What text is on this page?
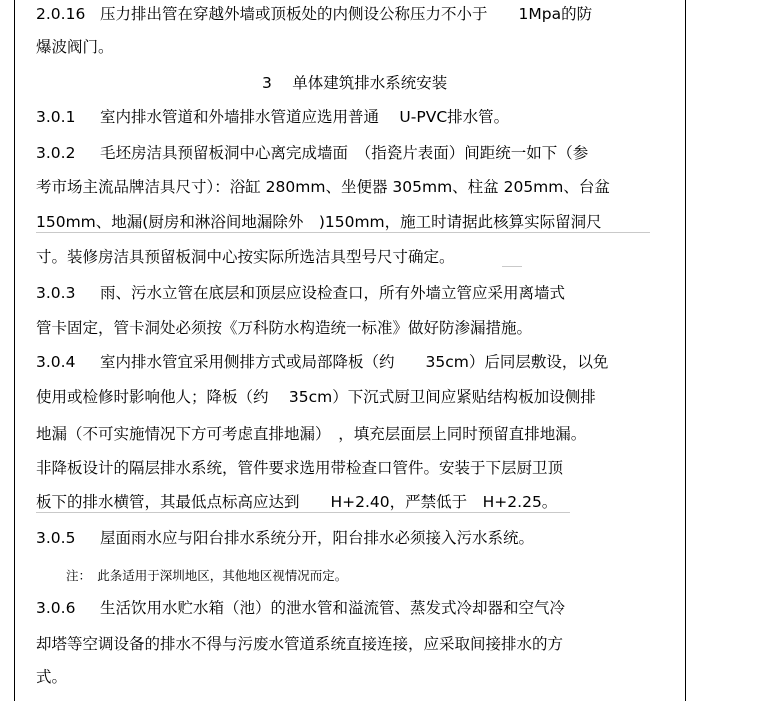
2.0.16 压力排出管在穿越外墙或顶板处的内侧设公称压力不小于　　1Mpa的防
爆波阀门。
3　 单体建筑排水系统安装
3.0.1 室内排水管道和外墙排水管道应选用普通　 U-PVC排水管。
3.0.2 毛坯房洁具预留板洞中心离完成墙面　（指瓷片表面）间距统一如下（参
考市场主流品牌洁具尺寸）：浴缸 280mm、坐便器 305mm、柱盆 205mm、台盆
150mm、地漏(厨房和淋浴间地漏除外　)150mm，施工时请据此核算实际留洞尺
寸。装修房洁具预留板洞中心按实际所选洁具型号尺寸确定。
3.0.3 雨、污水立管在底层和顶层应设检查口，所有外墙立管应采用离墙式
管卡固定，管卡洞处必须按《万科防水构造统一标准》做好防渗漏措施。
3.0.4 室内排水管宜采用侧排方式或局部降板（约　　35cm）后同层敷设，以免
使用或检修时影响他人；降板（约　 35cm）下沉式厨卫间应紧贴结构板加设侧排
地漏（不可实施情况下方可考虑直排地漏）　，填充层面层上同时预留直排地漏。
非降板设计的隔层排水系统，管件要求选用带检查口管件。安装于下层厨卫顶
板下的排水横管，其最低点标高应达到　　H+2.40，严禁低于　H+2.25。
3.0.5 屋面雨水应与阳台排水系统分开，阳台排水必须接入污水系统。
注：　此条适用于深圳地区，其他地区视情况而定。
3.0.6 生活饮用水贮水箱（池）的泄水管和溢流管、蒸发式冷却器和空气冷
却塔等空调设备的排水不得与污废水管道系统直接连接，应采取间接排水的方
式。
